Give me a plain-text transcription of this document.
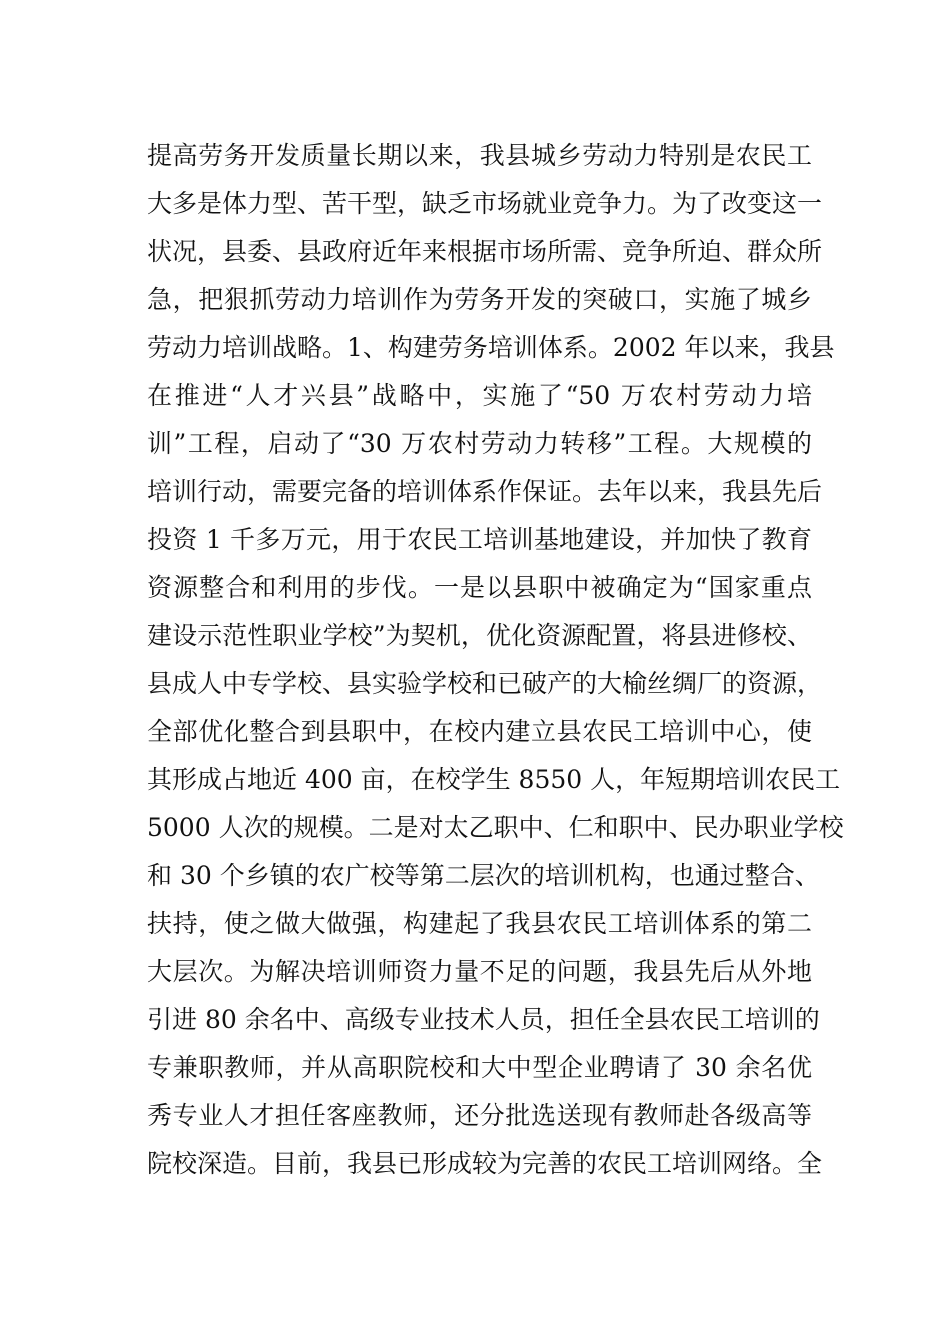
提高劳务开发质量长期以来，我县城乡劳动力特别是农民工
大多是体力型、苦干型，缺乏市场就业竞争力。为了改变这一
状况，县委、县政府近年来根据市场所需、竞争所迫、群众所
急，把狠抓劳动力培训作为劳务开发的突破口，实施了城乡
劳动力培训战略。1、构建劳务培训体系。2002 年以来，我县
在推进“人才兴县”战略中，实施了“50 万农村劳动力培
训”工程，启动了“30 万农村劳动力转移”工程。大规模的
培训行动，需要完备的培训体系作保证。去年以来，我县先后
投资 1 千多万元，用于农民工培训基地建设，并加快了教育
资源整合和利用的步伐。一是以县职中被确定为“国家重点
建设示范性职业学校”为契机，优化资源配置，将县进修校、
县成人中专学校、县实验学校和已破产的大榆丝绸厂的资源，
全部优化整合到县职中，在校内建立县农民工培训中心，使
其形成占地近 400 亩，在校学生 8550 人，年短期培训农民工
5000 人次的规模。二是对太乙职中、仁和职中、民办职业学校
和 30 个乡镇的农广校等第二层次的培训机构，也通过整合、
扶持，使之做大做强，构建起了我县农民工培训体系的第二
大层次。为解决培训师资力量不足的问题，我县先后从外地
引进 80 余名中、高级专业技术人员，担任全县农民工培训的
专兼职教师，并从高职院校和大中型企业聘请了 30 余名优
秀专业人才担任客座教师，还分批选送现有教师赴各级高等
院校深造。目前，我县已形成较为完善的农民工培训网络。全
